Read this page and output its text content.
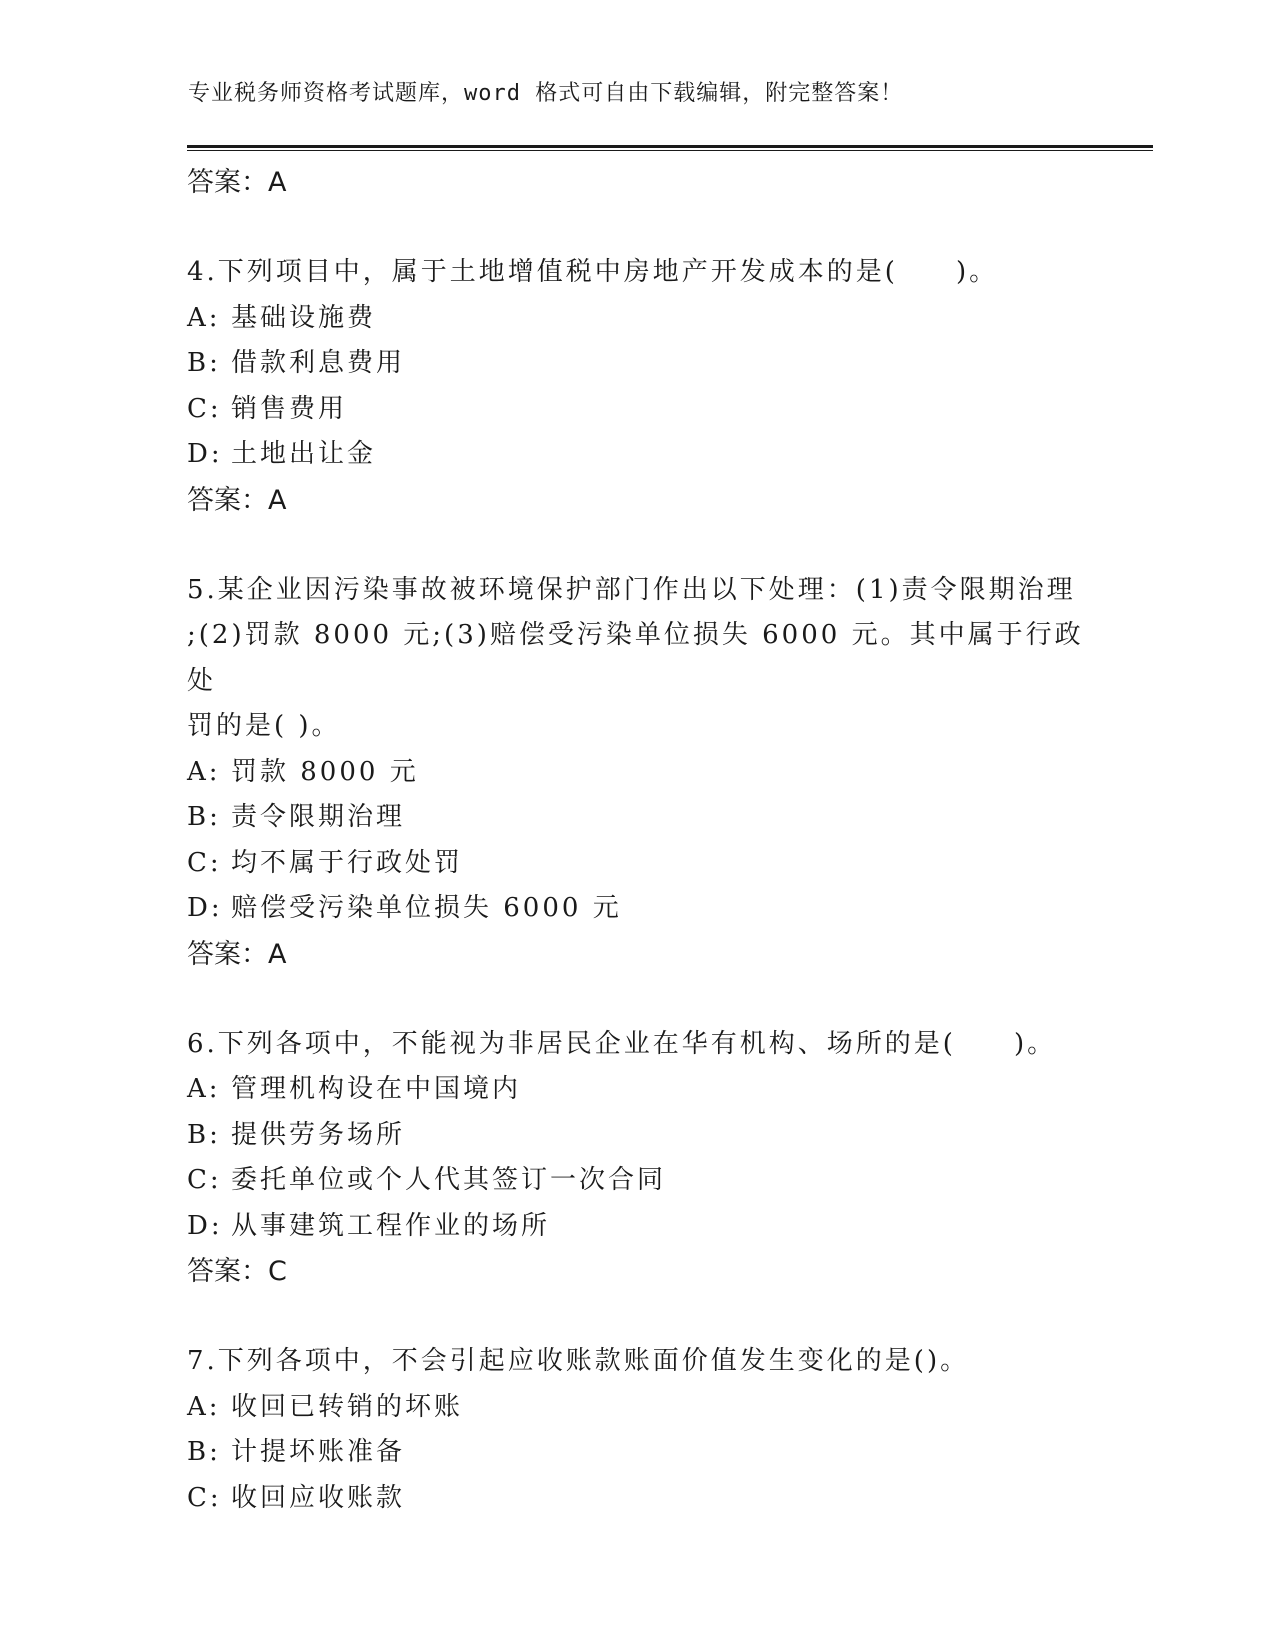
专业税务师资格考试题库，word 格式可自由下载编辑，附完整答案！
答案：A
4.下列项目中，属于土地增值税中房地产开发成本的是(　　)。
A: 基础设施费
B: 借款利息费用
C: 销售费用
D: 土地出让金
答案：A
5.某企业因污染事故被环境保护部门作出以下处理：(1)责令限期治理
;(2)罚款 8000 元;(3)赔偿受污染单位损失 6000 元。其中属于行政处
罚的是( )。
A: 罚款 8000 元
B: 责令限期治理
C: 均不属于行政处罚
D: 赔偿受污染单位损失 6000 元
答案：A
6.下列各项中，不能视为非居民企业在华有机构、场所的是(　　)。
A: 管理机构设在中国境内
B: 提供劳务场所
C: 委托单位或个人代其签订一次合同
D: 从事建筑工程作业的场所
答案：C
7.下列各项中，不会引起应收账款账面价值发生变化的是()。
A: 收回已转销的坏账
B: 计提坏账准备
C: 收回应收账款
